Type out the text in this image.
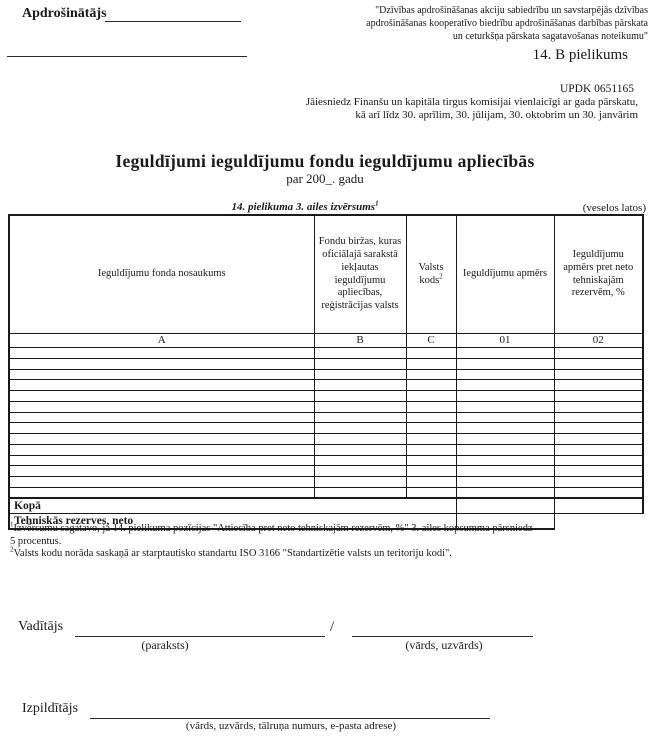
Apdrošinātājs	"Dzīvības apdrošināšanas akciju sabiedrību un savstarpējās dzīvības
apdrošināšanas kooperatīvo biedrību apdrošināšanas darbības pārskata
un ceturkšņa pārskata sagatavošanas noteikumu"
14. B pielikums
UPDK 0651165
Jāiesniedz Finanšu un kapitāla tirgus komisijai vienlaicīgi ar gada pārskatu,
kā arī līdz 30. aprīlim, 30. jūlijam, 30. oktobrim un 30. janvārim
Ieguldījumi ieguldījumu fondu ieguldījumu apliecībās
par 200_. gadu
14. pielikuma 3. ailes izvērsums$^1$	(veselos latos)
Ieguldījumu fonda nosaukums	Fondu biržas, kuras oficiālajā sarakstā iekļautas ieguldījumu apliecības, reģistrācijas valsts	Valsts kods$^2$	Ieguldījumu apmērs	Ieguldījumu apmērs pret neto tehniskajām rezervēm, %
A	B	C	01	02

Kopā				
Tehniskās rezerves, neto				
$^1$Izvērsumu sagatavo, ja 14. pielikuma pozīcijas "Attiecība pret neto tehniskajām rezervēm, %" 3. ailes kopsumma pārsniedz
5 procentus.
$^2$Valsts kodu norāda saskaņā ar starptautisko standartu ISO 3166 "Standartizētie valsts un teritoriju kodi".
Vadītājs	/
(paraksts)	(vārds, uzvārds)
Izpildītājs
(vārds, uzvārds, tālruņa numurs, e-pasta adrese)
